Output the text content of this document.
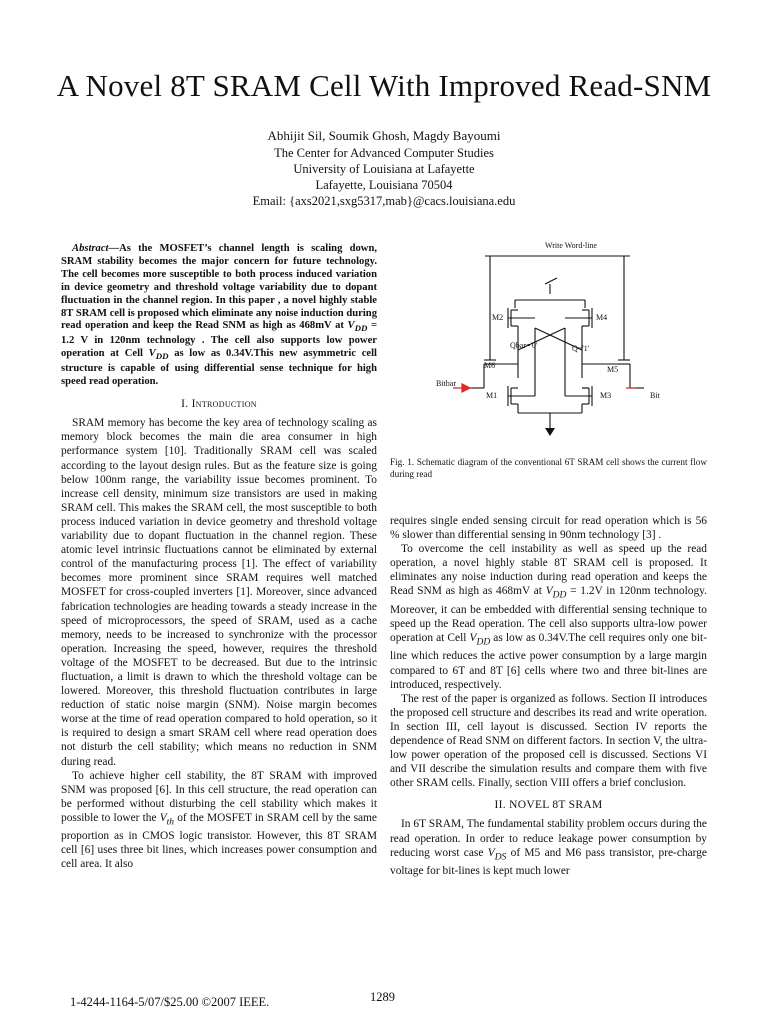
A Novel 8T SRAM Cell With Improved Read-SNM
Abhijit Sil, Soumik Ghosh, Magdy Bayoumi
The Center for Advanced Computer Studies
University of Louisiana at Lafayette
Lafayette, Louisiana 70504
Email: {axs2021,sxg5317,mab}@cacs.louisiana.edu

Abstract—As the MOSFET’s channel length is scaling down, SRAM stability becomes the major concern for future technology. The cell becomes more susceptible to both process induced variation in device geometry and threshold voltage variability due to dopant fluctuation in the channel region. In this paper , a novel highly stable 8T SRAM cell is proposed which eliminate any noise induction during read operation and keep the Read SNM as high as 468mV at $V_{DD} = 1.2$ V in 120nm technology . The cell also supports low power operation at Cell $V_{DD}$ as low as 0.34V.This new asymmetric cell structure is capable of using differential sense technique for high speed read operation.

I. Introduction

SRAM memory has become the key area of technology scaling as memory block becomes the main die area consumer in high performance system [10]. Traditionally SRAM cell was scaled according to the layout design rules. But as the feature size is going below 100nm range, the variability issue becomes prominent. To increase cell density, minimum size transistors are used in making SRAM cell. This makes the SRAM cell, the most susceptible to both process induced variation in device geometry and threshold voltage variability due to dopant fluctuation in the channel region. These atomic level intrinsic fluctuations cannot be eliminated by external control of the manufacturing process [1]. The effect of variability becomes more prominent since SRAM requires well matched MOSFET for cross-coupled inverters [1]. Moreover, since advanced fabrication technologies are heading towards a steady increase in the speed of microprocessors, the speed of SRAM, used as a cache memory, needs to be increased to synchronize with the processor operation. Increasing the speed, however, requires the threshold voltage of the MOSFET to be decreased. But due to the intrinsic fluctuation, a limit is drawn to which the threshold voltage can be lowered. Moreover, this threshold fluctuation contributes in large reduction of static noise margin (SNM). Noise margin becomes worse at the time of read operation compared to hold operation, so it is required to design a smart SRAM cell where read operation does not disturb the cell stability; which means no reduction in SNM during read.

To achieve higher cell stability, the 8T SRAM with improved SNM was proposed [6]. In this cell structure, the read operation can be performed without disturbing the cell stability which makes it possible to lower the $V_{th}$ of the MOSFET in SRAM cell by the same proportion as in CMOS logic transistor. However, this 8T SRAM cell [6] uses three bit lines, which increases power consumption and cell area. It also

Write Word-line
M2	M4
Qbar='0'	Q='1'
M6	M5
M1	M3
Bitbar
Bit
Fig. 1. Schematic diagram of the conventional 6T SRAM cell shows the current flow during read

requires single ended sensing circuit for read operation which is 56 % slower than differential sensing in 90nm technology [3] .

To overcome the cell instability as well as speed up the read operation, a novel highly stable 8T SRAM cell is proposed. It eliminates any noise induction during read operation and keeps the Read SNM as high as 468mV at $V_{DD} = 1.2V$ in 120nm technology. Moreover, it can be embedded with differential sensing technique to speed up the Read operation. The cell also supports ultra-low power operation at Cell $V_{DD}$ as low as 0.34V.The cell requires only one bit-line which reduces the active power consumption by a large margin compared to 6T and 8T [6] cells where two and three bit-lines are introduced, respectively.

The rest of the paper is organized as follows. Section II introduces the proposed cell structure and describes its read and write operation. In section III, cell layout is discussed. Section IV reports the dependence of Read SNM on different factors. In section V, the ultra-low power operation of the proposed cell is discussed. Sections VI and VII describe the simulation results and compare them with five other SRAM cells. Finally, section VIII offers a brief conclusion.

II. NOVEL 8T SRAM

In 6T SRAM, The fundamental stability problem occurs during the read operation. In order to reduce leakage power consumption by reducing worst case $V_{DS}$ of M5 and M6 pass transistor, pre-charge voltage for bit-lines is kept much lower

1-4244-1164-5/07/$25.00 ©2007 IEEE.	1289
